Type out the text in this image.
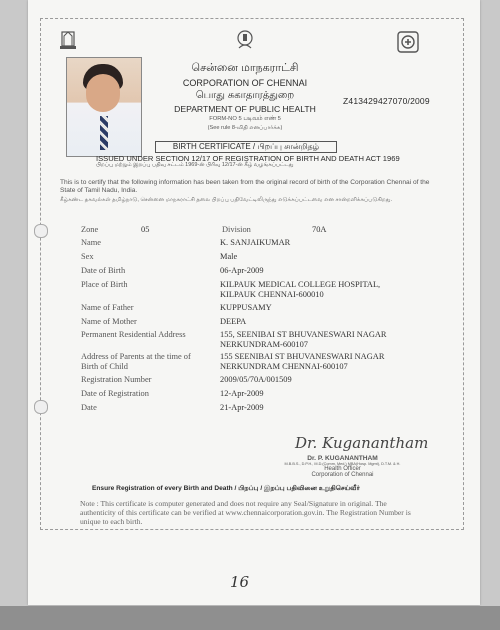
சென்னை மாநகராட்சி
CORPORATION OF CHENNAI
பொது சுகாதாரத்துறை
DEPARTMENT OF PUBLIC HEALTH
FORM-NO 5 படிவம் எண் 5
(See rule 8-விதி எனப்பார்க்க)
Z413429427070/2009
BIRTH CERTIFICATE / பிறப்பு சான்றிதழ்
ISSUED UNDER SECTION 12/17 OF REGISTRATION OF BIRTH AND DEATH ACT 1969
பிறப்பு மற்றும் இறப்பு பதிவு சட்டம் 1969-ன் பிரிவு 12/17-ன் கீழ் வழங்கப்பட்டது
This is to certify that the following information has been taken from the original record of birth of the Corporation Chennai of the State of Tamil Nadu, India.
கீழ்கண்ட தகவல்கள் தமிழ்நாடு, சென்னை மாநகராட்சி தலை பிறப்பு பதிவேட்டிலிருந்து எடுக்கப்பட்டவை என சான்றளிக்கப்படுகிறது.
Zone	05	Division	70A
Name	K. SANJAIKUMAR
Sex	Male
Date of Birth	06-Apr-2009
Place of Birth	KILPAUK MEDICAL COLLEGE HOSPITAL,
KILPAUK CHENNAI-600010
Name of Father	KUPPUSAMY
Name of Mother	DEEPA
Permanent Residential Address	155, SEENIBAI ST BHUVANESWARI NAGAR
NERKUNDRAM-600107
Address of Parents at the time of	155 SEENIBAI ST BHUVANESWARI NAGAR
Birth of Child	NERKUNDRAM CHENNAI-600107
Registration Number	2009/05/70A/001509
Date of Registration	12-Apr-2009
Date	21-Apr-2009
Dr. Kuganantham
Dr. P. KUGANANTHAM
M.B.B.S., D.P.H., M.D.(Comm. Med.) MBA(Hosp. Mgmt), D.T.M. & H.
Health Officer
Corporation of Chennai
Ensure Registration of every Birth and Death / பிறப்பு / இறப்பு பதிவினை உறுதிசெய்வீர்
Note : This certificate is computer generated and does not require any Seal/Signature in original. The authenticity of this certificate can be verified at www.chennaicorporation.gov.in. The Registration Number is unique to each birth.
16
